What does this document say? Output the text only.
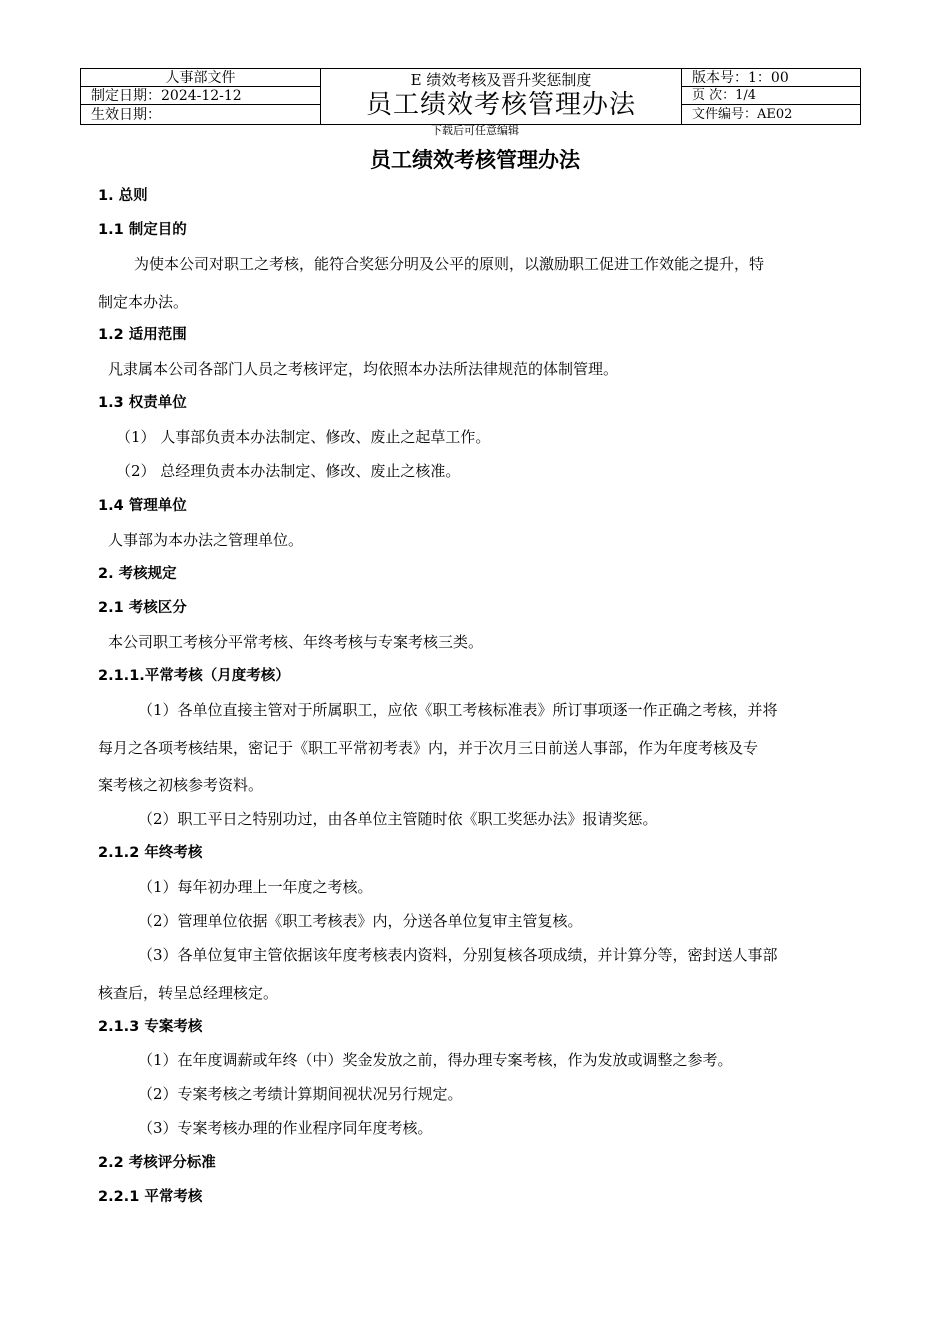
人事部文件
制定日期：2024-12-12
生效日期：
E 绩效考核及晋升奖惩制度
员工绩效考核管理办法
版本号：1：00
页 次：1/4
文件编号：AE02
下载后可任意编辑
员工绩效考核管理办法
1. 总则
1.1 制定目的
为使本公司对职工之考核，能符合奖惩分明及公平的原则，以激励职工促进工作效能之提升，特
制定本办法。
1.2 适用范围
凡隶属本公司各部门人员之考核评定，均依照本办法所法律规范的体制管理。
1.3 权责单位
（1） 人事部负责本办法制定、修改、废止之起草工作。
（2） 总经理负责本办法制定、修改、废止之核准。
1.4 管理单位
人事部为本办法之管理单位。
2. 考核规定
2.1 考核区分
本公司职工考核分平常考核、年终考核与专案考核三类。
2.1.1.平常考核（月度考核）
（1）各单位直接主管对于所属职工，应依《职工考核标准表》所订事项逐一作正确之考核，并将
每月之各项考核结果，密记于《职工平常初考表》内，并于次月三日前送人事部，作为年度考核及专
案考核之初核参考资料。
（2）职工平日之特别功过，由各单位主管随时依《职工奖惩办法》报请奖惩。
2.1.2 年终考核
（1）每年初办理上一年度之考核。
（2）管理单位依据《职工考核表》内，分送各单位复审主管复核。
（3）各单位复审主管依据该年度考核表内资料，分别复核各项成绩，并计算分等，密封送人事部
核查后，转呈总经理核定。
2.1.3 专案考核
（1）在年度调薪或年终（中）奖金发放之前，得办理专案考核，作为发放或调整之参考。
（2）专案考核之考绩计算期间视状况另行规定。
（3）专案考核办理的作业程序同年度考核。
2.2 考核评分标准
2.2.1 平常考核
